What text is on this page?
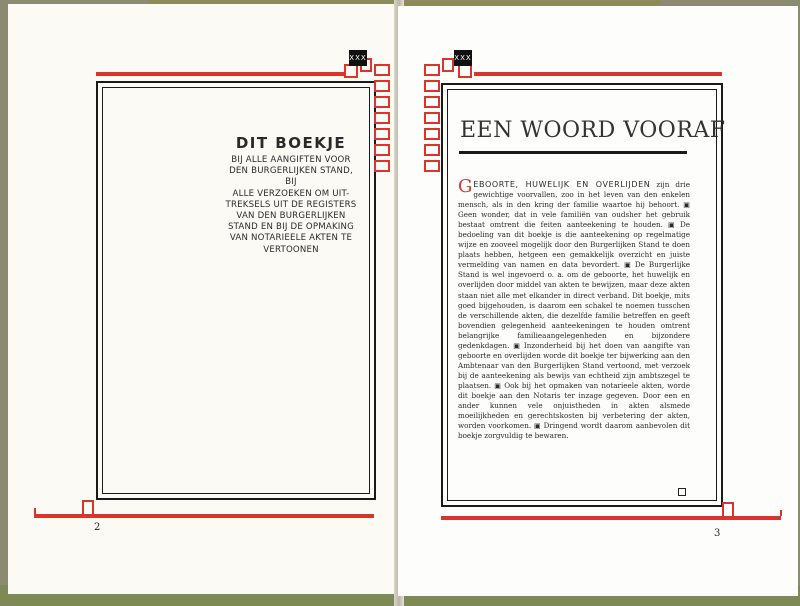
XXX
DIT BOEKJE
BIJ ALLE AANGIFTEN VOOR
DEN BURGERLIJKEN STAND, BIJ
ALLE VERZOEKEN OM UIT-
TREKSELS UIT DE REGISTERS
VAN DEN BURGERLIJKEN
STAND EN BIJ DE OPMAKING
VAN NOTARIEELE AKTEN TE
VERTOONEN
2
XXX
EEN WOORD VOORAF
GEBOORTE, HUWELIJK EN OVERLIJDEN zijn drie gewichtige voorvallen, zoo in het leven van den enkelen mensch, als in den kring der familie waartoe hij behoort. ▣ Geen wonder, dat in vele familiën van oudsher het gebruik bestaat omtrent die feiten aanteekening te houden. ▣ De bedoeling van dit boekje is die aanteekening op regelmatige wijze en zooveel mogelijk door den Burgerlijken Stand te doen plaats hebben, hetgeen een gemakkelijk overzicht en juiste vermelding van namen en data bevordert. ▣ De Burgerlijke Stand is wel ingevoerd o. a. om de geboorte, het huwelijk en overlijden door middel van akten te bewijzen, maar deze akten staan niet alle met elkander in direct verband. Dit boekje, mits goed bijgehouden, is daarom een schakel te noemen tusschen de verschillende akten, die dezelfde familie betreffen en geeft bovendien gelegenheid aanteekeningen te houden omtrent belangrijke familieaangelegenheden en bijzondere gedenkdagen. ▣ Inzonderheid bij het doen van aangifte van geboorte en overlijden worde dit boekje ter bijwerking aan den Ambtenaar van den Burgerlijken Stand vertoond, met verzoek bij de aanteekening als bewijs van echtheid zijn ambtszegel te plaatsen. ▣ Ook bij het opmaken van notarieele akten, worde dit boekje aan den Notaris ter inzage gegeven. Door een en ander kunnen vele onjuistheden in akten alsmede moeilijkheden en gerechtskosten bij verbetering der akten, worden voorkomen. ▣ Dringend wordt daarom aanbevolen dit boekje zorgvuldig te bewaren.
3
